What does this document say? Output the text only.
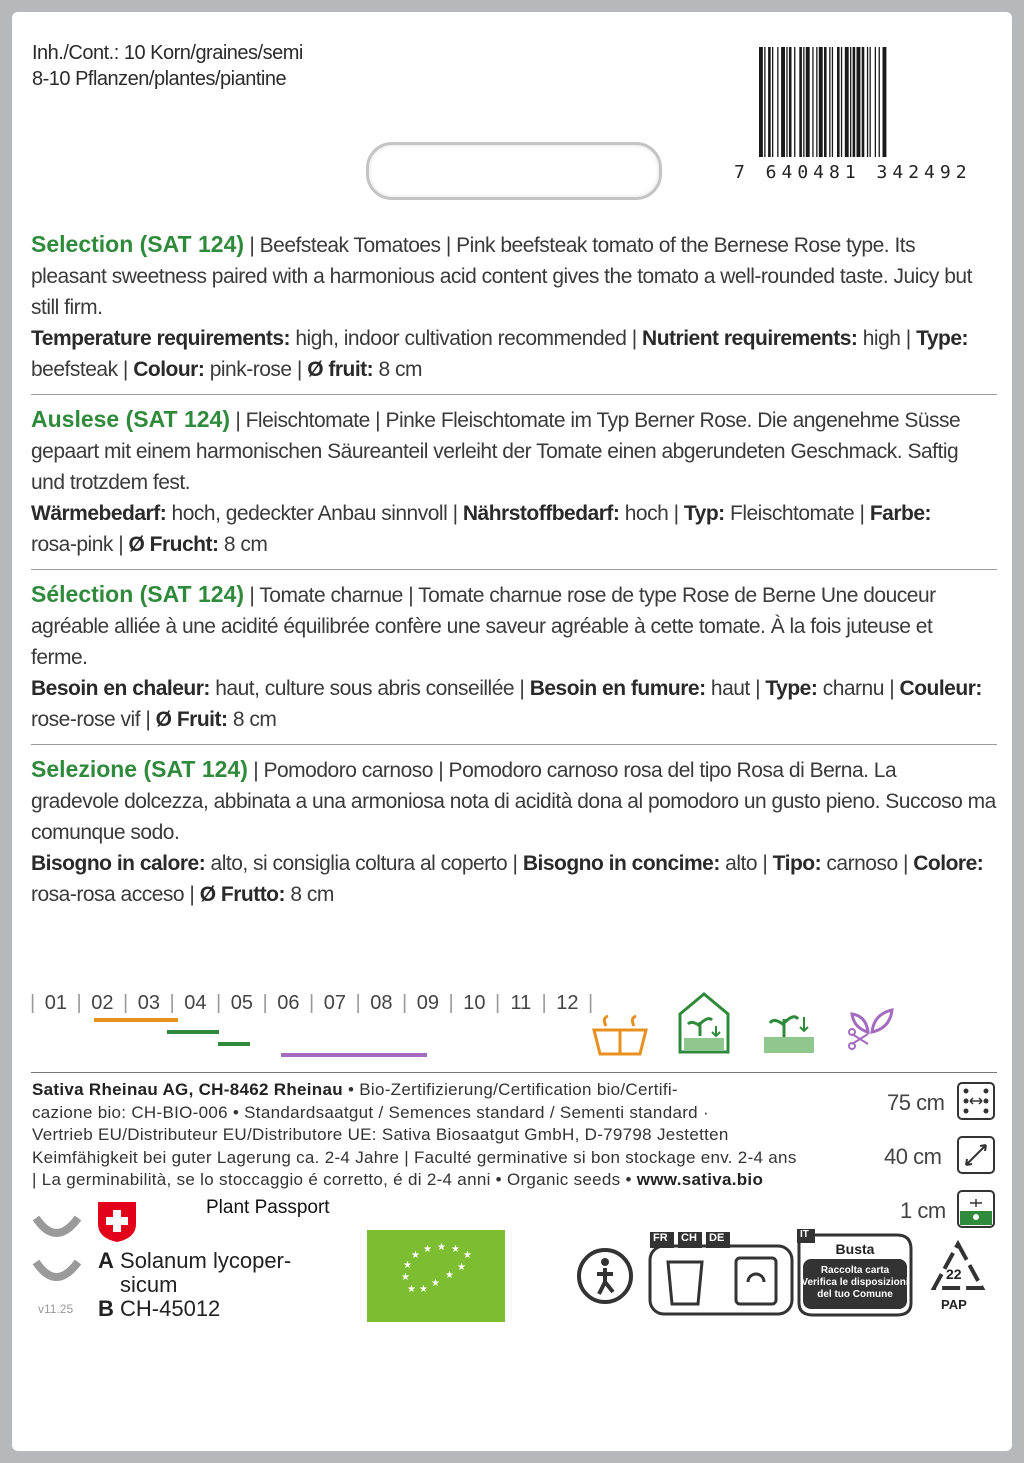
Inh./Cont.: 10 Korn/graines/semi
8-10 Pflanzen/plantes/piantine
7 640481 342492
Selection (SAT 124) | Beefsteak Tomatoes | Pink beefsteak tomato of the Bernese Rose type. Its
pleasant sweetness paired with a harmonious acid content gives the tomato a well-rounded taste. Juicy but
still firm.
Temperature requirements: high, indoor cultivation recommended | Nutrient requirements: high | Type:
beefsteak | Colour: pink-rose | Ø fruit: 8 cm
Auslese (SAT 124) | Fleischtomate | Pinke Fleischtomate im Typ Berner Rose. Die angenehme Süsse
gepaart mit einem harmonischen Säureanteil verleiht der Tomate einen abgerundeten Geschmack. Saftig
und trotzdem fest.
Wärmebedarf: hoch, gedeckter Anbau sinnvoll | Nährstoffbedarf: hoch | Typ: Fleischtomate | Farbe:
rosa-pink | Ø Frucht: 8 cm
Sélection (SAT 124) | Tomate charnue | Tomate charnue rose de type Rose de Berne Une douceur
agréable alliée à une acidité équilibrée confère une saveur agréable à cette tomate. À la fois juteuse et
ferme.
Besoin en chaleur: haut, culture sous abris conseillée | Besoin en fumure: haut | Type: charnu | Couleur:
rose-rose vif | Ø Fruit: 8 cm
Selezione (SAT 124) | Pomodoro carnoso | Pomodoro carnoso rosa del tipo Rosa di Berna. La
gradevole dolcezza, abbinata a una armoniosa nota di acidità dona al pomodoro un gusto pieno. Succoso ma
comunque sodo.
Bisogno in calore: alto, si consiglia coltura al coperto | Bisogno in concime: alto | Tipo: carnoso | Colore:
rosa-rosa acceso | Ø Frutto: 8 cm
| 01 | 02 | 03 | 04 | 05 | 06 | 07 | 08 | 09 | 10 | 11 | 12 |
Sativa Rheinau AG, CH-8462 Rheinau • Bio-Zertifizierung/Certification bio/Certifi-
cazione bio: CH-BIO-006 • Standardsaatgut / Semences standard / Sementi standard ·
Vertrieb EU/Distributeur EU/Distributore UE: Sativa Biosaatgut GmbH, D-79798 Jestetten
Keimfähigkeit bei guter Lagerung ca. 2-4 Jahre | Faculté germinative si bon stockage env. 2-4 ans
| La germinabilità, se lo stoccaggio é corretto, é di 2-4 anni • Organic seeds • www.sativa.bio
75 cm
40 cm
1 cm
Plant Passport
A Solanum lycoper-
sicum
B CH-45012
v11.25
★
★
★
★
★ ★ ★
★
★
★
★
★
FR CH DE	IT
Busta
Raccolta carta
Verifica le disposizioni
del tuo Comune
22
PAP
